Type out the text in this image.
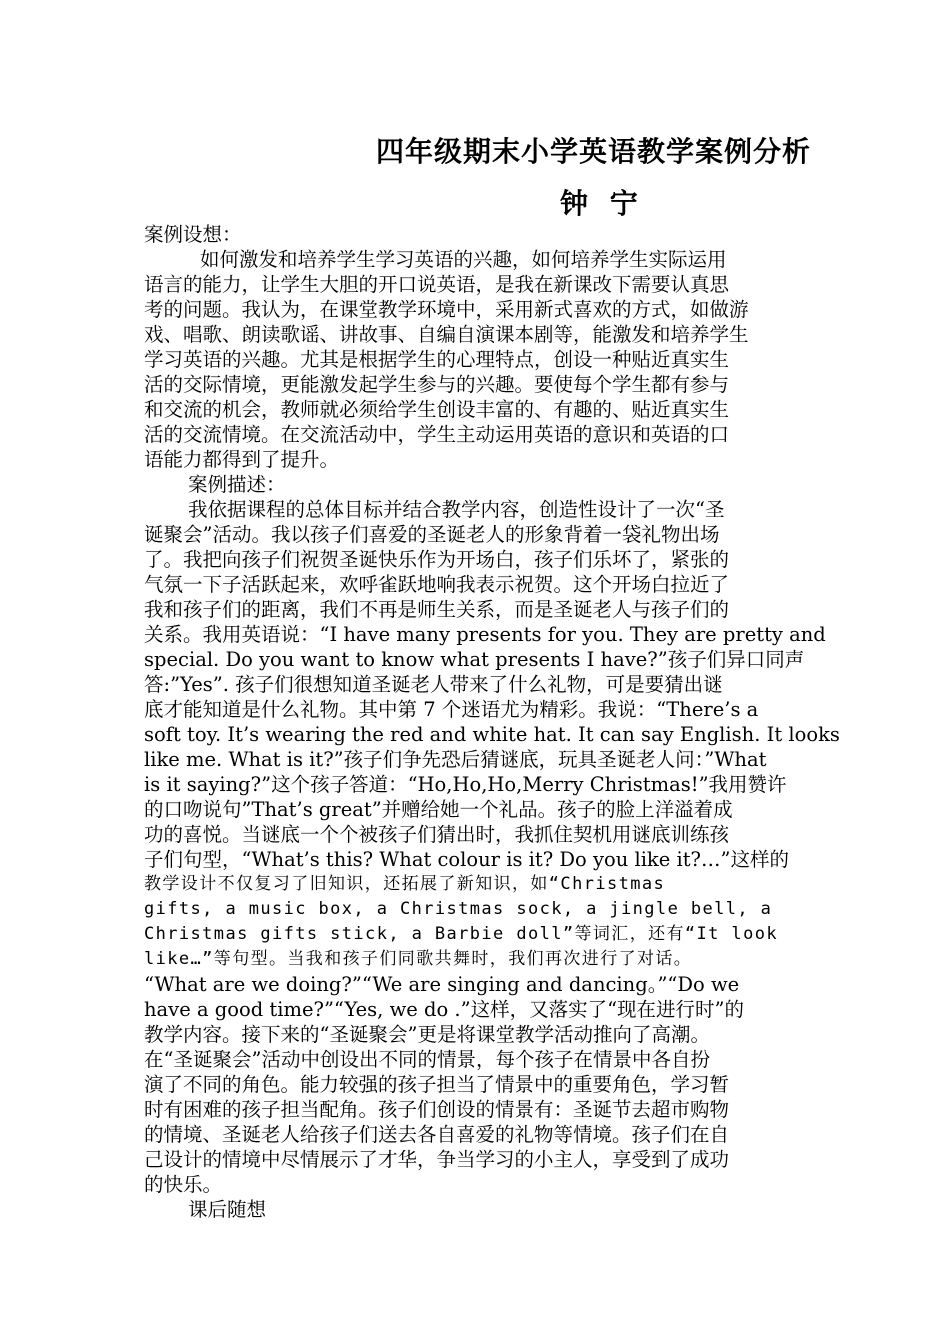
四年级期末小学英语教学案例分析
钟 宁
案例设想：
如何激发和培养学生学习英语的兴趣，如何培养学生实际运用
语言的能力，让学生大胆的开口说英语，是我在新课改下需要认真思
考的问题。我认为，在课堂教学环境中，采用新式喜欢的方式，如做游
戏、唱歌、朗读歌谣、讲故事、自编自演课本剧等，能激发和培养学生
学习英语的兴趣。尤其是根据学生的心理特点，创设一种贴近真实生
活的交际情境，更能激发起学生参与的兴趣。要使每个学生都有参与
和交流的机会，教师就必须给学生创设丰富的、有趣的、贴近真实生
活的交流情境。在交流活动中，学生主动运用英语的意识和英语的口
语能力都得到了提升。
案例描述：
我依据课程的总体目标并结合教学内容，创造性设计了一次“圣
诞聚会”活动。我以孩子们喜爱的圣诞老人的形象背着一袋礼物出场
了。我把向孩子们祝贺圣诞快乐作为开场白，孩子们乐坏了，紧张的
气氛一下子活跃起来，欢呼雀跃地响我表示祝贺。这个开场白拉近了
我和孩子们的距离，我们不再是师生关系，而是圣诞老人与孩子们的
关系。我用英语说：“I have many presents for you. They are pretty and
special. Do you want to know what presents I have?”孩子们异口同声
答:”Yes”. 孩子们很想知道圣诞老人带来了什么礼物，可是要猜出谜
底才能知道是什么礼物。其中第 7 个迷语尤为精彩。我说：“There’s a
soft toy. It’s wearing the red and white hat. It can say English. It looks
like me. What is it?”孩子们争先恐后猜谜底，玩具圣诞老人问：”What
is it saying?”这个孩子答道：“Ho,Ho,Ho,Merry Christmas!”我用赞许
的口吻说句”That’s great”并赠给她一个礼品。孩子的脸上洋溢着成
功的喜悦。当谜底一个个被孩子们猜出时，我抓住契机用谜底训练孩
子们句型，“What’s this? What colour is it? Do you like it?…”这样的
教学设计不仅复习了旧知识，还拓展了新知识，如“Christmas
gifts, a music box, a Christmas sock, a jingle bell, a
Christmas gifts stick, a Barbie doll”等词汇，还有“It look
like…”等句型。当我和孩子们同歌共舞时，我们再次进行了对话。
“What are we doing?”“We are singing and dancing。”“Do we
have a good time?”“Yes, we do .”这样，又落实了“现在进行时”的
教学内容。接下来的“圣诞聚会”更是将课堂教学活动推向了高潮。
在“圣诞聚会”活动中创设出不同的情景，每个孩子在情景中各自扮
演了不同的角色。能力较强的孩子担当了情景中的重要角色，学习暂
时有困难的孩子担当配角。孩子们创设的情景有：圣诞节去超市购物
的情境、圣诞老人给孩子们送去各自喜爱的礼物等情境。孩子们在自
己设计的情境中尽情展示了才华，争当学习的小主人，享受到了成功
的快乐。
课后随想
